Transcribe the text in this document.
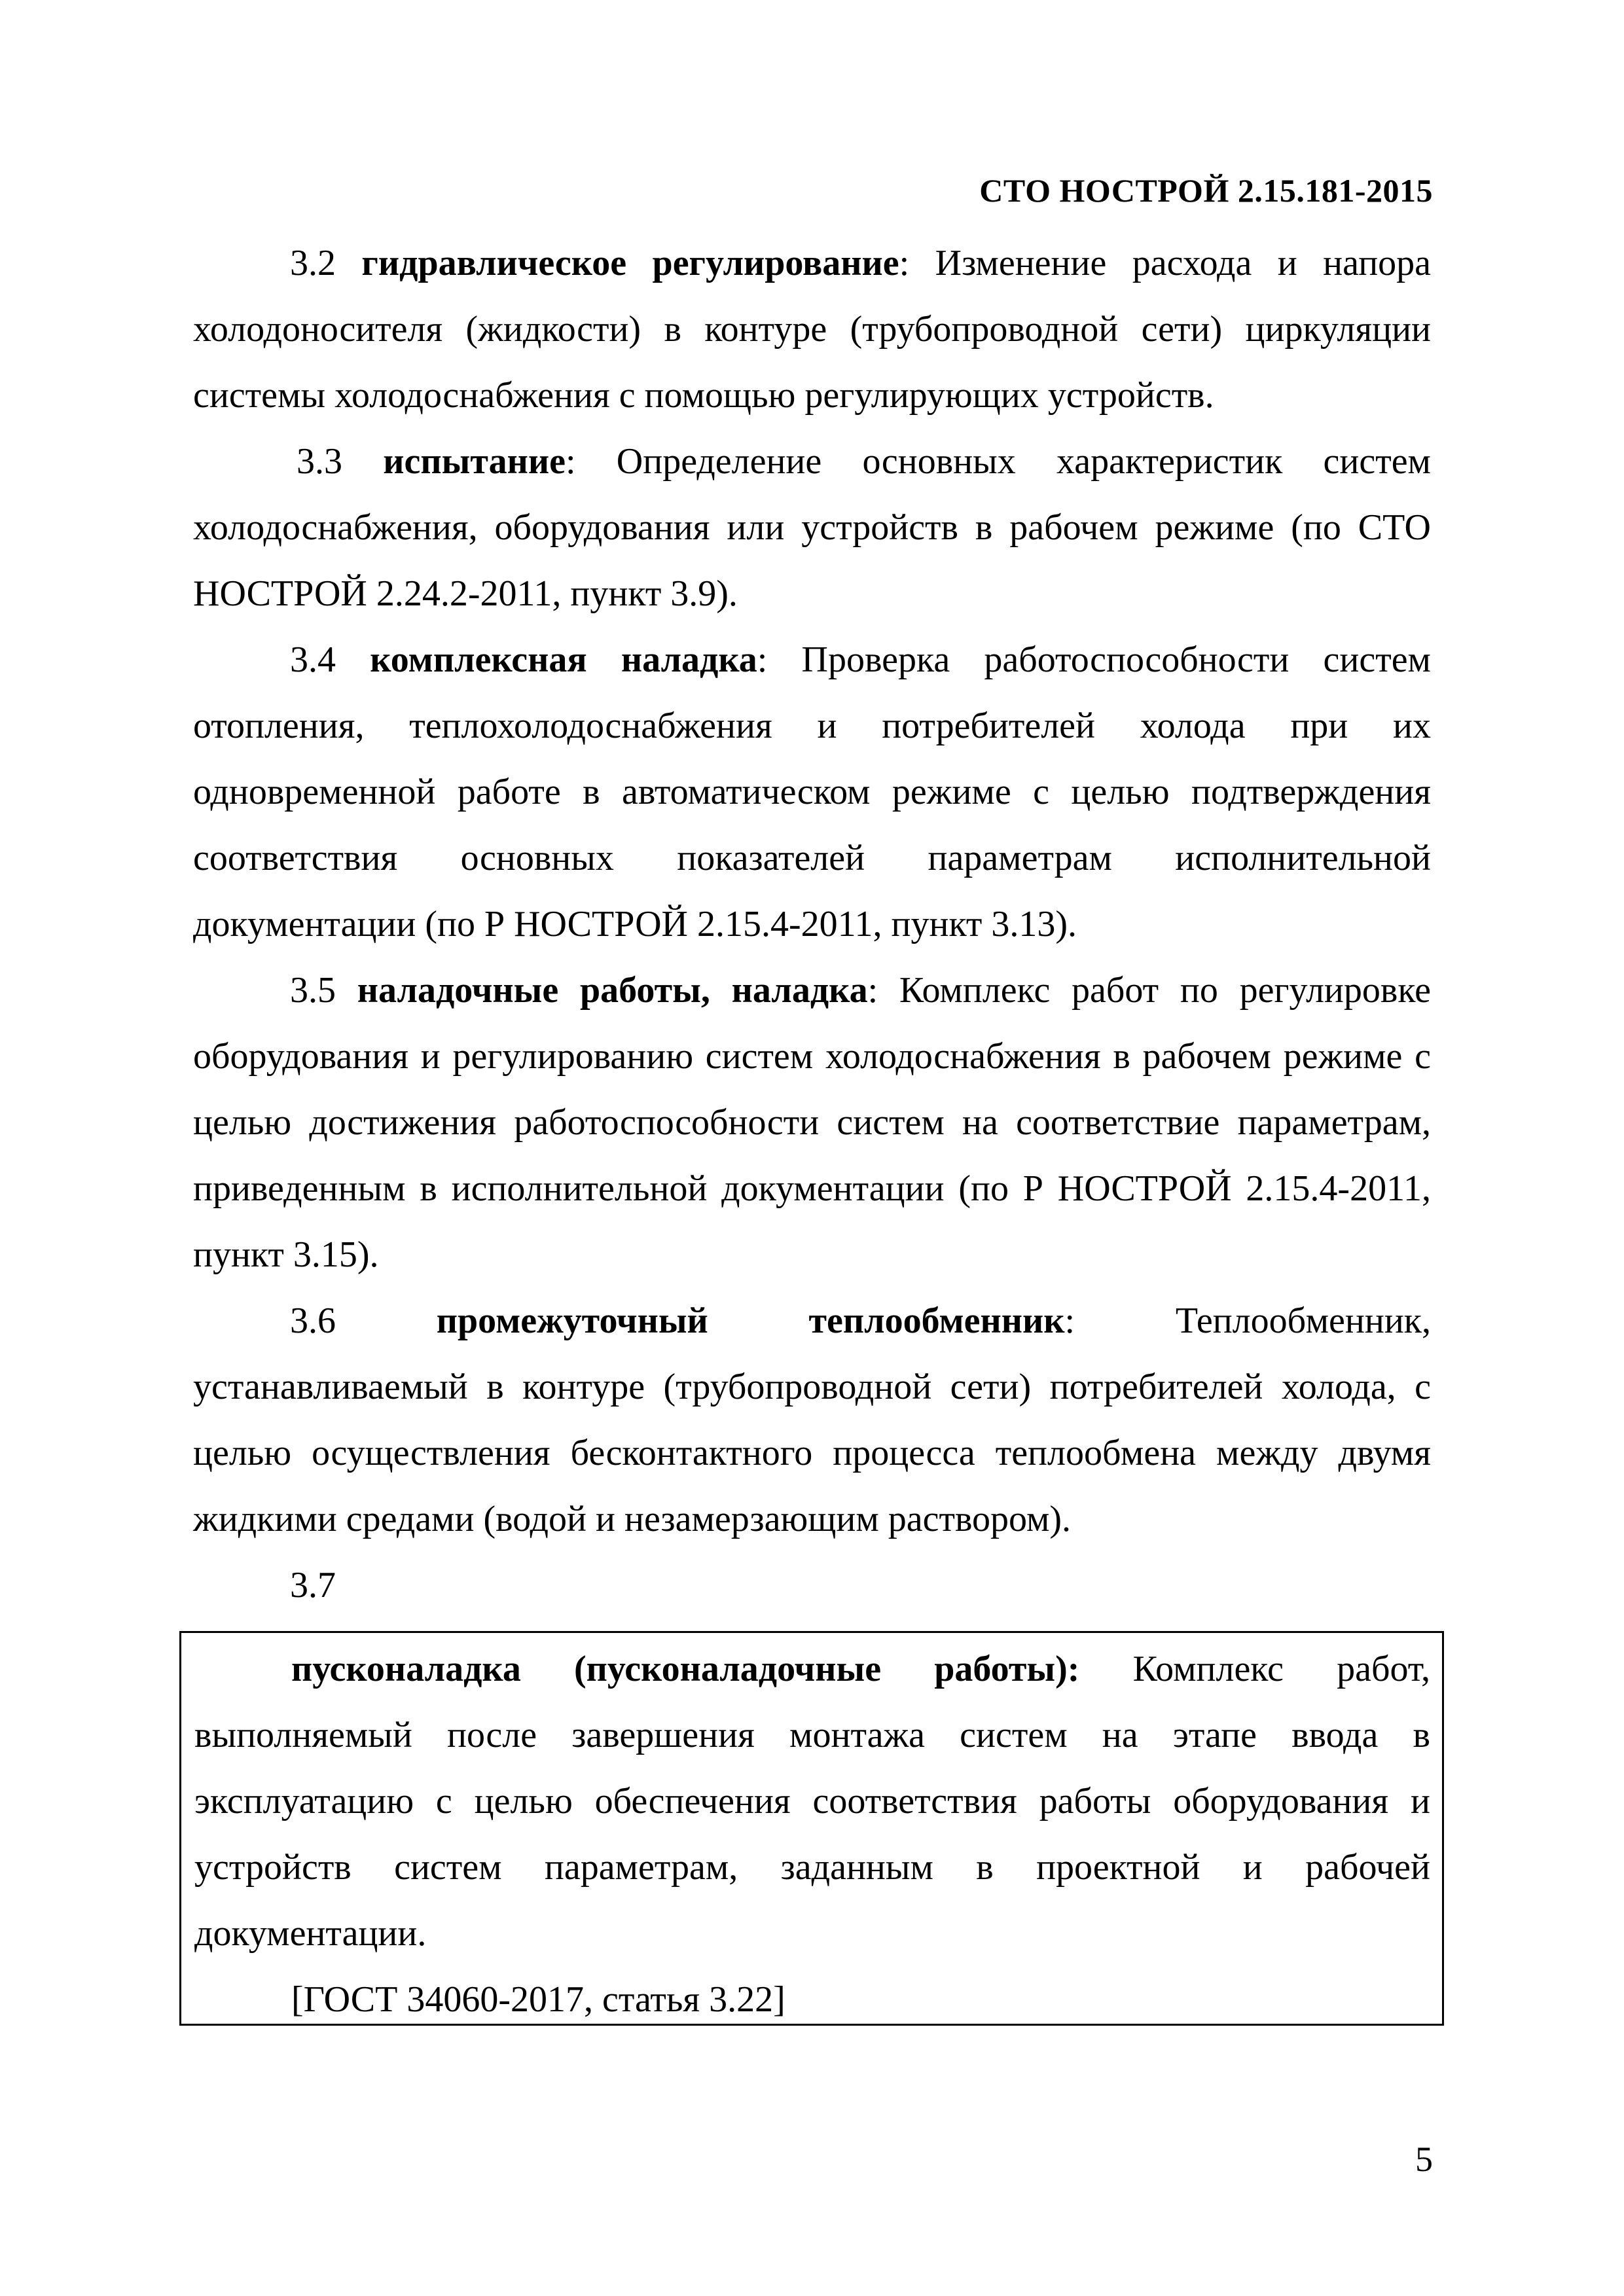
СТО НОСТРОЙ 2.15.181-2015

3.2 гидравлическое регулирование: Изменение расхода и напора холодоносителя (жидкости) в контуре (трубопроводной сети) циркуляции системы холодоснабжения с помощью регулирующих устройств.

3.3 испытание: Определение основных характеристик систем холодоснабжения, оборудования или устройств в рабочем режиме (по СТО НОСТРОЙ 2.24.2-2011, пункт 3.9).

3.4 комплексная наладка: Проверка работоспособности систем отопления, теплохолодоснабжения и потребителей холода при их одновременной работе в автоматическом режиме с целью подтверждения соответствия основных показателей параметрам исполнительной документации (по Р НОСТРОЙ 2.15.4-2011, пункт 3.13).

3.5 наладочные работы, наладка: Комплекс работ по регулировке оборудования и регулированию систем холодоснабжения в рабочем режиме с целью достижения работоспособности систем на соответствие параметрам, приведенным в исполнительной документации (по Р НОСТРОЙ 2.15.4-2011, пункт 3.15).

3.6	промежуточный теплообменник: Теплообменник, устанавливаемый в контуре (трубопроводной сети) потребителей холода, с целью осуществления бесконтактного процесса теплообмена между двумя жидкими средами (водой и незамерзающим раствором).

3.7

пусконаладка (пусконаладочные работы): Комплекс работ, выполняемый после завершения монтажа систем на этапе ввода в эксплуатацию с целью обеспечения соответствия работы оборудования и устройств систем параметрам, заданным в проектной и рабочей документации.

[ГОСТ 34060-2017, статья 3.22]

5
